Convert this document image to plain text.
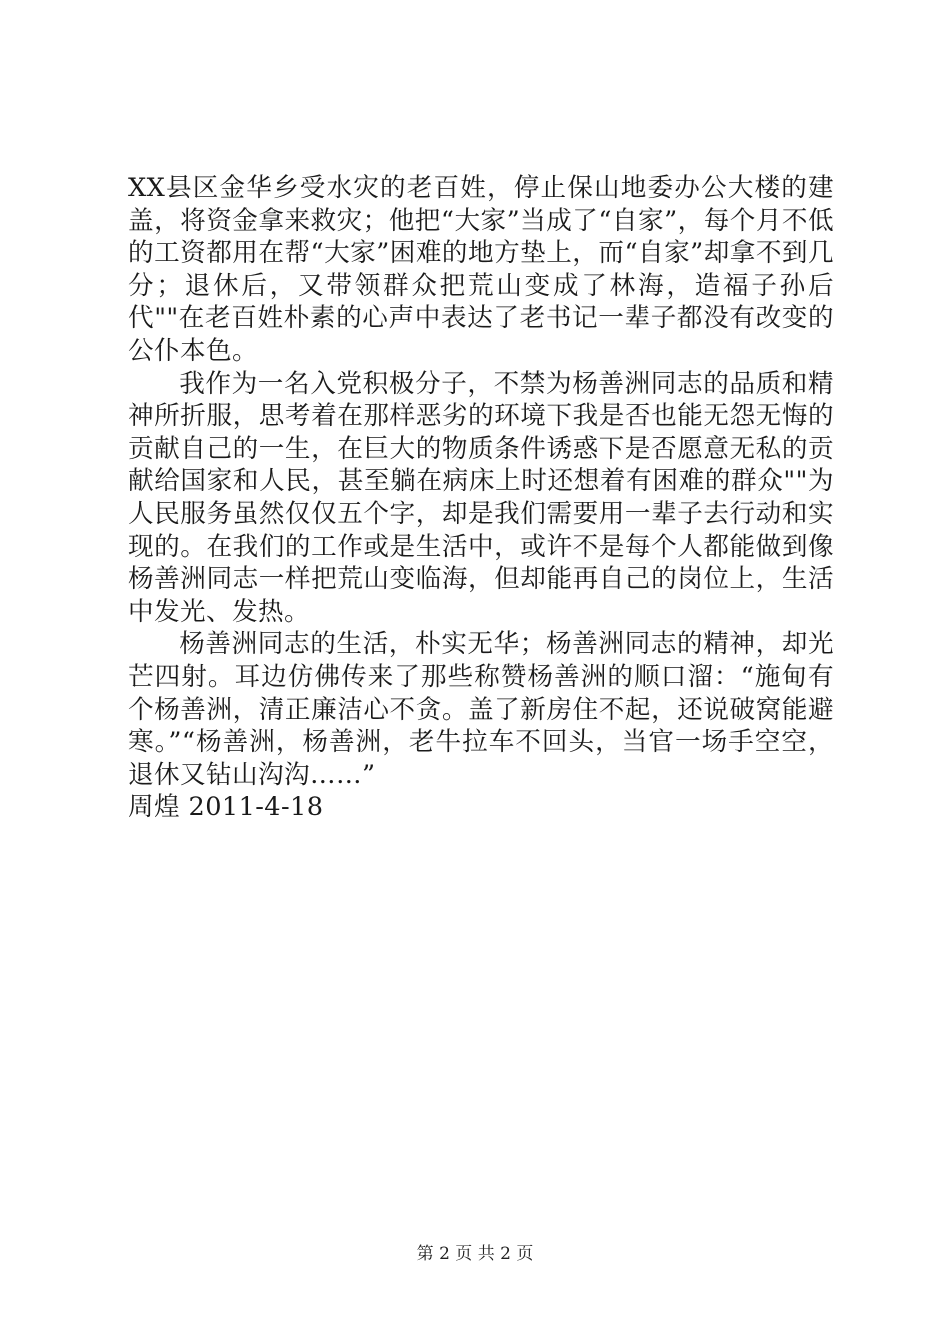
XX县区金华乡受水灾的老百姓，停止保山地委办公大楼的建盖，将资金拿来救灾；他把“大家”当成了“自家”，每个月不低的工资都用在帮“大家”困难的地方垫上，而“自家”却拿不到几分；退休后，又带领群众把荒山变成了林海，造福子孙后代""在老百姓朴素的心声中表达了老书记一辈子都没有改变的公仆本色。

我作为一名入党积极分子，不禁为杨善洲同志的品质和精神所折服，思考着在那样恶劣的环境下我是否也能无怨无悔的贡献自己的一生，在巨大的物质条件诱惑下是否愿意无私的贡献给国家和人民，甚至躺在病床上时还想着有困难的群众""为人民服务虽然仅仅五个字，却是我们需要用一辈子去行动和实现的。在我们的工作或是生活中，或许不是每个人都能做到像杨善洲同志一样把荒山变临海，但却能再自己的岗位上，生活中发光、发热。

杨善洲同志的生活，朴实无华；杨善洲同志的精神，却光芒四射。耳边仿佛传来了那些称赞杨善洲的顺口溜：“施甸有个杨善洲，清正廉洁心不贪。盖了新房住不起，还说破窝能避寒。”“杨善洲，杨善洲，老牛拉车不回头，当官一场手空空，退休又钻山沟沟……”

周煌 2011-4-18

第 2 页 共 2 页
